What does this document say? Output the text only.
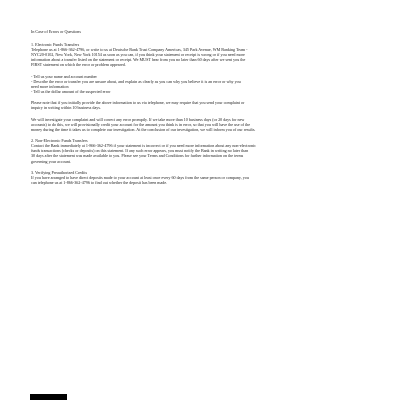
In Case of Errors or Questions

1. Electronic Funds Transfers

Telephone us at 1-866-362-4796, or write to us at Deutsche Bank Trust Company Americas, 345 Park Avenue, WM Banking Team -
NYC20-0102, New York, New York 10154 as soon as you can, if you think your statement or receipt is wrong or if you need more
information about a transfer listed on the statement or receipt. We MUST hear from you no later than 60 days after we sent you the
FIRST statement on which the error or problem appeared.

- Tell us your name and account number
- Describe the error or transfer you are unsure about, and explain as clearly as you can why you believe it is an error or why you
need more information
- Tell us the dollar amount of the suspected error

Please note that if you initially provide the above information to us via telephone, we may require that you send your complaint or
inquiry in writing within 10 business days.

We will investigate your complaint and will correct any error promptly. If we take more than 10 business days (or 20 days for new
accounts) to do this, we will provisionally credit your account for the amount you think is in error, so that you will have the use of the
money during the time it takes us to complete our investigation. At the conclusion of our investigation, we will inform you of our results.

2. Non-Electronic Funds Transfers

Contact the Bank immediately at 1-866-362-4796 if your statement is incorrect or if you need more information about any non-electronic
funds transactions (checks or deposits) on this statement. If any such error appears, you must notify the Bank in writing no later than
30 days after the statement was made available to you. Please see your Terms and Conditions for further information on the terms
governing your account.

3. Verifying Preauthorized Credits

If you have arranged to have direct deposits made to your account at least once every 60 days from the same person or company, you
can telephone us at 1-866-362-4796 to find out whether the deposit has been made.
